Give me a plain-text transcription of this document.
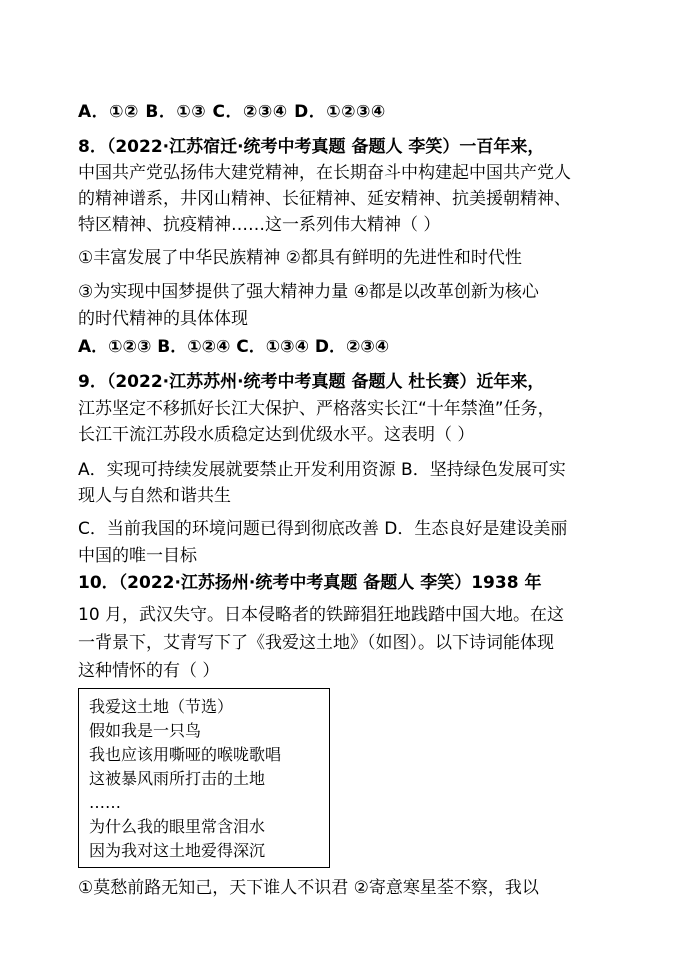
A．①② B．①③ C．②③④ D．①②③④
8．（2022·江苏宿迁·统考中考真题 备题人 李笑）一百年来，
中国共产党弘扬伟大建党精神，在长期奋斗中构建起中国共产党人
的精神谱系，井冈山精神、长征精神、延安精神、抗美援朝精神、
特区精神、抗疫精神……这一系列伟大精神（ ）
①丰富发展了中华民族精神 ②都具有鲜明的先进性和时代性
③为实现中国梦提供了强大精神力量 ④都是以改革创新为核心
的时代精神的具体体现
A．①②③ B．①②④ C．①③④ D．②③④
9．（2022·江苏苏州·统考中考真题 备题人 杜长赛）近年来，
江苏坚定不移抓好长江大保护、严格落实长江“十年禁渔”任务，
长江干流江苏段水质稳定达到优级水平。这表明（ ）
A．实现可持续发展就要禁止开发利用资源 B．坚持绿色发展可实
现人与自然和谐共生
C．当前我国的环境问题已得到彻底改善 D．生态良好是建设美丽
中国的唯一目标
10．（2022·江苏扬州·统考中考真题 备题人 李笑）1938 年
10 月，武汉失守。日本侵略者的铁蹄猖狂地践踏中国大地。在这
一背景下，艾青写下了《我爱这土地》（如图）。以下诗词能体现
这种情怀的有（ ）
我爱这土地（节选）
假如我是一只鸟
我也应该用嘶哑的喉咙歌唱
这被暴风雨所打击的土地
……
为什么我的眼里常含泪水
因为我对这土地爱得深沉
①莫愁前路无知己，天下谁人不识君 ②寄意寒星荃不察，我以
